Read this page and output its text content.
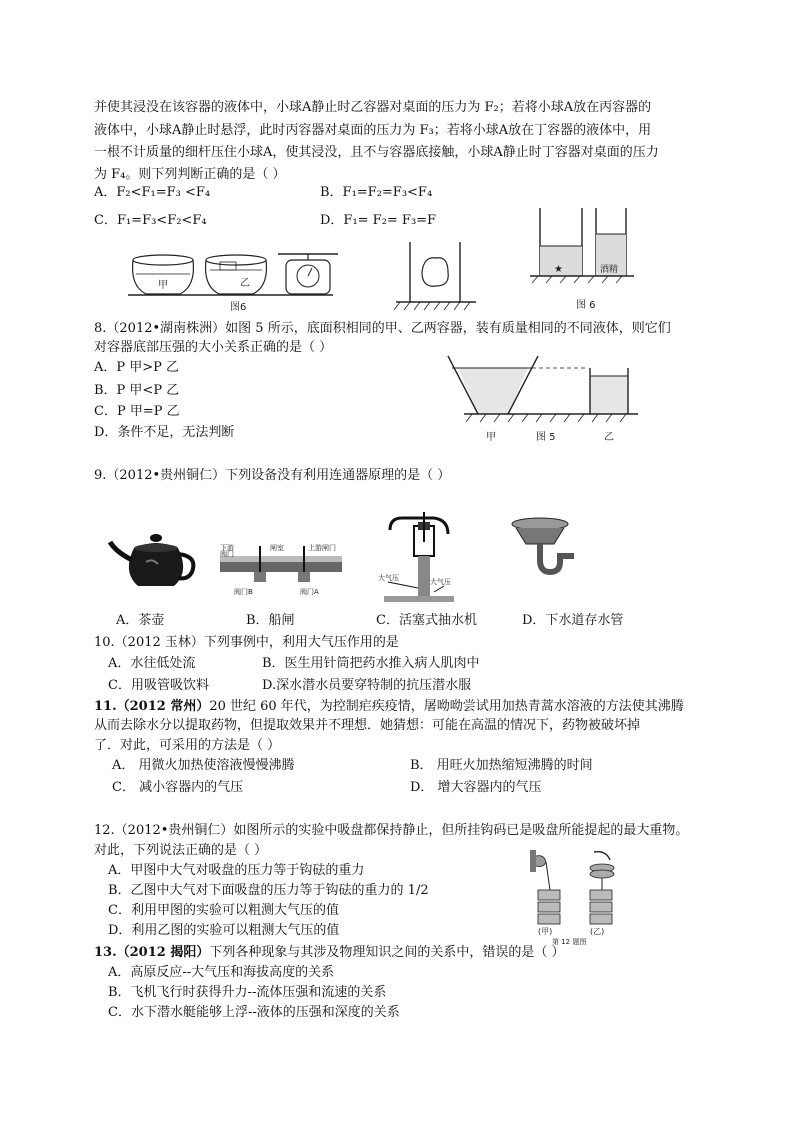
并使其浸没在该容器的液体中，小球A静止时乙容器对桌面的压力为 F₂；若将小球A放在丙容器的
液体中，小球A静止时悬浮，此时丙容器对桌面的压力为 F₃；若将小球A放在丁容器的液体中，用
一根不计质量的细杆压住小球A，使其浸没，且不与容器底接触，小球A静止时丁容器对桌面的压力
为 F₄。则下列判断正确的是（ ）
A．F₂<F₁=F₃ <F₄	B．F₁=F₂=F₃<F₄
C．F₁=F₃<F₂<F₄	D．F₁= F₂= F₃=F
甲	乙
图6
★	酒精
图 6
8.（2012•湖南株洲）如图 5 所示，底面积相同的甲、乙两容器，装有质量相同的不同液体，则它们
对容器底部压强的大小关系正确的是（ ）
A．P 甲>P 乙
B．P 甲<P 乙
C．P 甲=P 乙
D．条件不足，无法判断	甲	图 5	乙
9.（2012•贵州铜仁）下列设备没有利用连通器原理的是（ ）
下游
阀门
闸室	上游闸门
阀门B	阀门A
大气压	大气压
A．茶壶	B．船闸	C．活塞式抽水机	D．下水道存水管
10.（2012 玉林）下列事例中，利用大气压作用的是
A．水往低处流	B．医生用针筒把药水推入病人肌肉中
C．用吸管吸饮料	D.深水潜水员要穿特制的抗压潜水服
11.（2012 常州）20 世纪 60 年代，为控制疟疾疫情，屠呦呦尝试用加热青蒿水溶液的方法使其沸腾
从而去除水分以提取药物，但提取效果并不理想．她猜想：可能在高温的情况下，药物被破坏掉
了．对此，可采用的方法是（ ）
A． 用微火加热使溶液慢慢沸腾	B． 用旺火加热缩短沸腾的时间
C． 减小容器内的气压	D． 增大容器内的气压
12.（2012•贵州铜仁）如图所示的实验中吸盘都保持静止，但所挂钩码已是吸盘所能提起的最大重物。
对此，下列说法正确的是（ ）
A．甲图中大气对吸盘的压力等于钩砝的重力
B．乙图中大气对下面吸盘的压力等于钩砝的重力的 1/2
C．利用甲图的实验可以粗测大气压的值
D．利用乙图的实验可以粗测大气压的值	(甲)	(乙)
第 12 题图
13.（2012 揭阳）下列各种现象与其涉及物理知识之间的关系中，错误的是（ ）
A．高原反应--大气压和海拔高度的关系
B．飞机飞行时获得升力--流体压强和流速的关系
C．水下潜水艇能够上浮--液体的压强和深度的关系
